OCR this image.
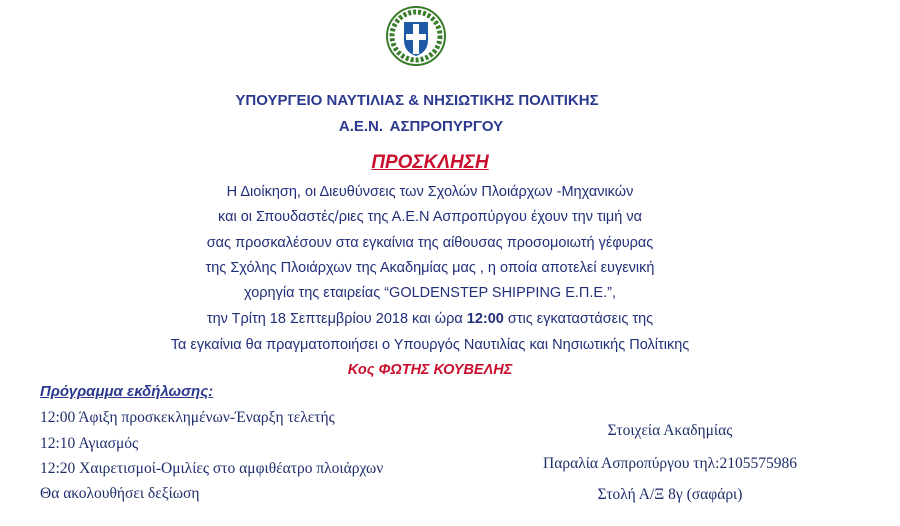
ΥΠΟΥΡΓΕΙΟ ΝΑΥΤΙΛΙΑΣ & ΝΗΣΙΩΤΙΚΗΣ ΠΟΛΙΤΙΚΗΣ
Α.Ε.Ν. ΑΣΠΡΟΠΥΡΓΟΥ
ΠΡΟΣΚΛΗΣΗ
Η Διοίκηση, οι Διευθύνσεις των Σχολών Πλοιάρχων -Μηχανικών
και οι Σπουδαστές/ριες της Α.Ε.Ν Ασπροπύργου έχουν την τιμή να
σας προσκαλέσουν στα εγκαίνια της αίθουσας προσομοιωτή γέφυρας
της Σχόλης Πλοιάρχων της Ακαδημίας μας , η οποία αποτελεί ευγενική
χορηγία της εταιρείας “GOLDENSTEP SHIPPING Ε.Π.Ε.”,
την Τρίτη 18 Σεπτεμβρίου 2018 και ώρα 12:00 στις εγκαταστάσεις της
Τα εγκαίνια θα πραγματοποιήσει ο Υπουργός Ναυτιλίας και Νησιωτικής Πολίτικης
Κος ΦΩΤΗΣ ΚΟΥΒΕΛΗΣ
Πρόγραμμα εκδήλωσης:
12:00 Άφιξη προσκεκλημένων-Έναρξη τελετής
12:10 Αγιασμός
12:20 Χαιρετισμοί-Ομιλίες στο αμφιθέατρο πλοιάρχων
Θα ακολουθήσει δεξίωση
Στοιχεία Ακαδημίας
Παραλία Ασπροπύργου τηλ:2105575986
Στολή Α/Ξ 8γ (σαφάρι)
